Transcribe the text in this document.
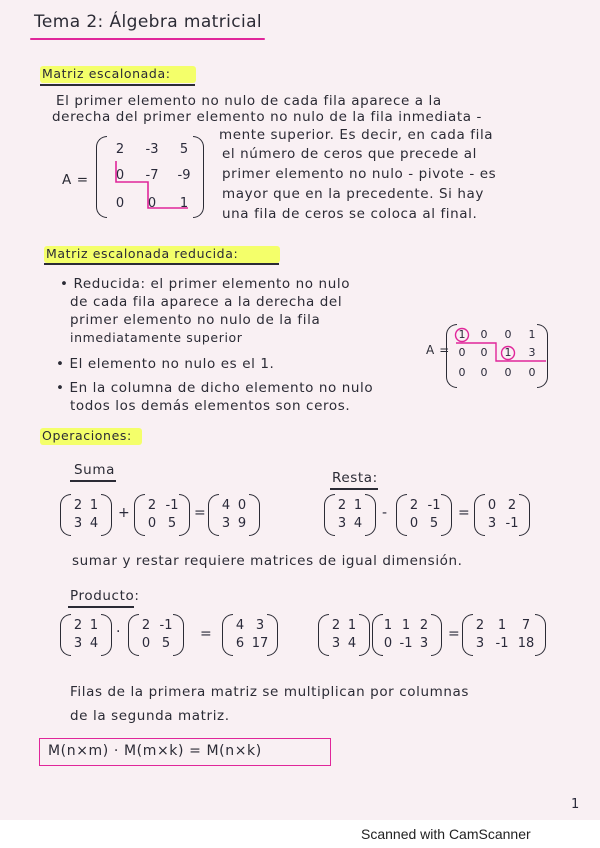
Tema 2: Álgebra matricial
Matriz escalonada:
El primer elemento no nulo de cada fila aparece a la
derecha del primer elemento no nulo de la fila inmediata -
mente superior. Es decir, en cada fila
el número de ceros que precede al
primer elemento no nulo - pivote - es
mayor que en la precedente. Si hay
una fila de ceros se coloca al final.
A =
2	-3	5
0	-7	-9
0	0	1
Matriz escalonada reducida:
• Reducida: el primer elemento no nulo
de cada fila aparece a la derecha del
primer elemento no nulo de la fila
inmediatamente superior
• El elemento no nulo es el 1.
• En la columna de dicho elemento no nulo
todos los demás elementos son ceros.
A =
1	0	0	1
0	0	1	3
0	0	0	0
Operaciones:
Suma
2 1
3 4
+	2 -1
0 5
=	4 0
3 9
Resta:
2 1
3 4
-	2 -1
0 5
=	0 2
3 -1
sumar y restar requiere matrices de igual dimensión.
Producto:
2 1
3 4
·	2 -1
0 5
=
4 3
6 17
2 1
3 4
1 1 2
0 -1 3
=
2	1	7
3 -1 18
Filas de la primera matriz se multiplican por columnas
de la segunda matriz.
M(n×m) · M(m×k) = M(n×k)
1
Scanned with CamScanner
